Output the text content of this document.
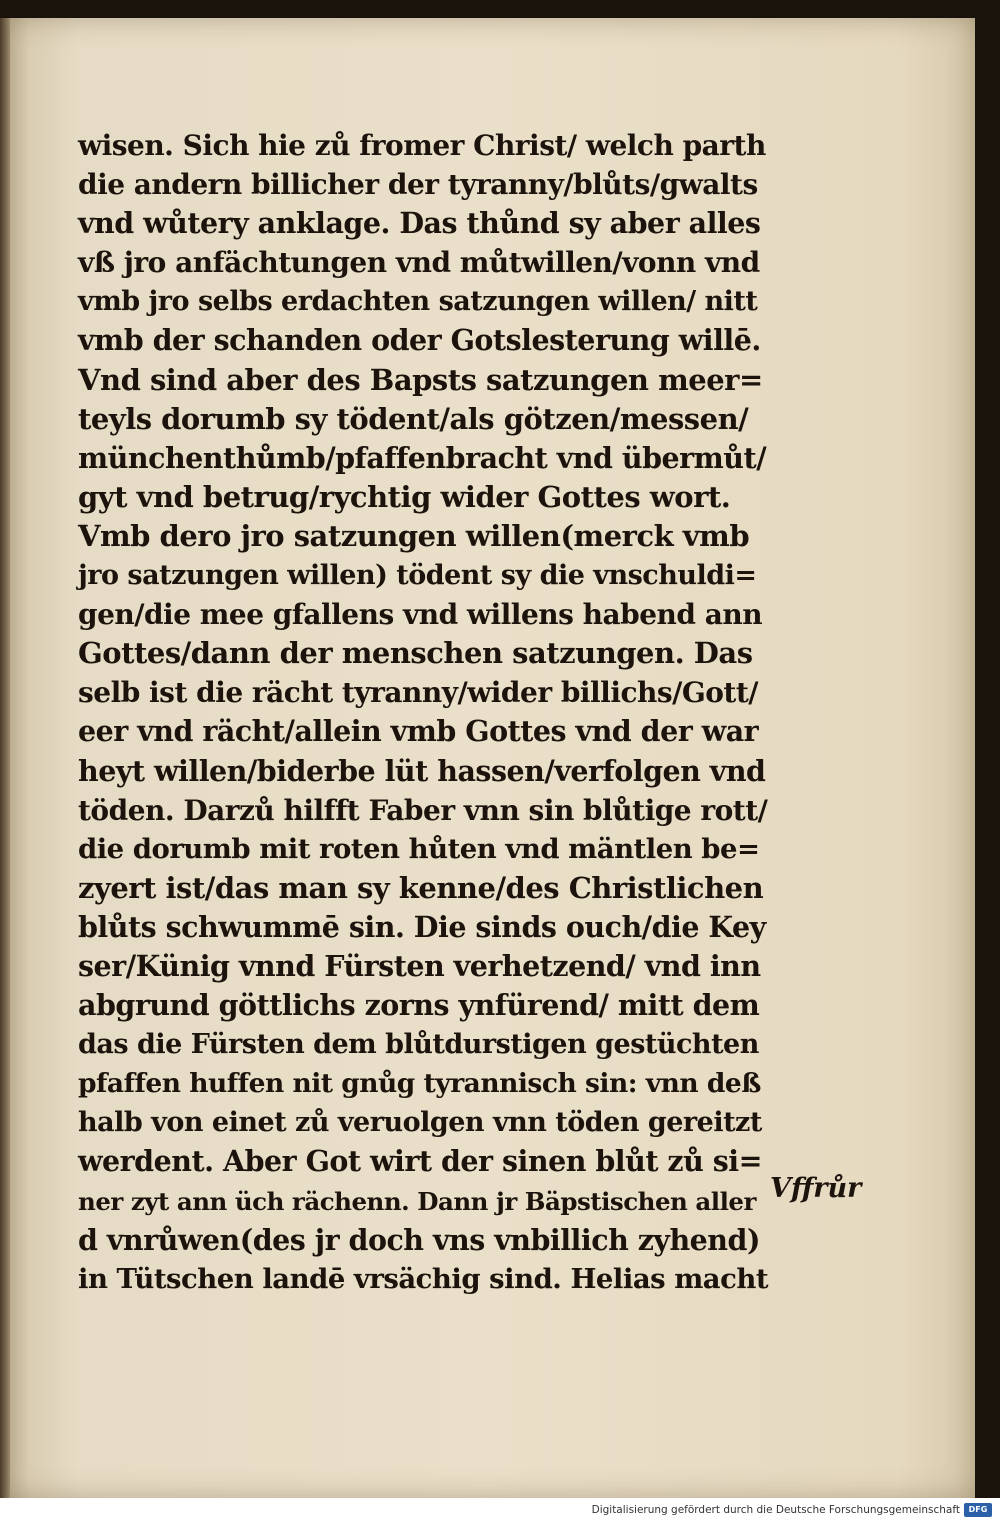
wisen. Sich hie zů fromer Christ/ welch parth
die andern billicher der tyranny/blůts/gwalts
vnd wůtery anklage. Das thůnd sy aber alles
vß jro anfächtungen vnd můtwillen/vonn vnd
vmb jro selbs erdachten satzungen willen/ nitt
vmb der schanden oder Gotslesterung willē.
Vnd sind aber des Bapsts satzungen meer=
teyls dorumb sy tödent/als götzen/messen/
münchenthůmb/pfaffenbracht vnd übermůt/
gyt vnd betrug/rychtig wider Gottes wort.
Vmb dero jro satzungen willen(merck vmb
jro satzungen willen) tödent sy die vnschuldi=
gen/die mee gfallens vnd willens habend ann
Gottes/dann der menschen satzungen. Das
selb ist die rächt tyranny/wider billichs/Gott/
eer vnd rächt/allein vmb Gottes vnd der war
heyt willen/biderbe lüt hassen/verfolgen vnd
töden. Darzů hilfft Faber vnn sin blůtige rott/
die dorumb mit roten hůten vnd mäntlen be=
zyert ist/das man sy kenne/des Christlichen
blůts schwummē sin. Die sinds ouch/die Key
ser/Künig vnnd Fürsten verhetzend/ vnd inn
abgrund göttlichs zorns ynfürend/ mitt dem
das die Fürsten dem blůtdurstigen gestüchten
pfaffen huffen nit gnůg tyrannisch sin: vnn deß
halb von einet zů veruolgen vnn töden gereitzt
werdent. Aber Got wirt der sinen blůt zů si=
ner zyt ann üch rächenn. Dann jr Bäpstischen aller
d vnrůwen(des jr doch vns vnbillich zyhend)
in Tütschen landē vrsächig sind. Helias macht
Vffrůr
Digitalisierung gefördert durch die Deutsche Forschungsgemeinschaft	DFG
